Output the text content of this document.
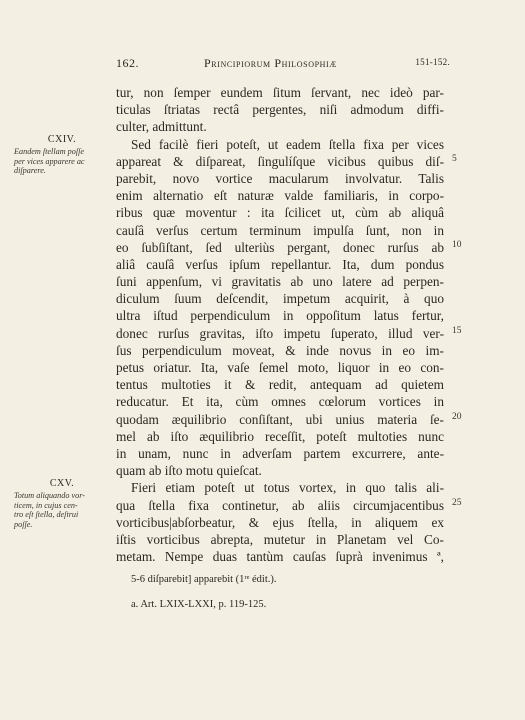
162.	Principiorum Philosophiæ	151-152.
CXIV.
Eandem ſtellam poſſe
per vices apparere ac
diſparere.
CXV.
Totum aliquando vor-
ticem, in cujus cen-
tro eſt ſtella, deſtrui
poſſe.
tur, non ſemper eundem ſitum ſervant, nec ideò par-
ticulas ſtriatas rectâ pergentes, niſi admodum diffi-
culter, admittunt.
Sed facilè fieri poteſt, ut eadem ſtella fixa per vices
appareat & diſpareat, ſingulíſque vicibus quibus diſ-
parebit, novo vortice macularum involvatur. Talis
enim alternatio eſt naturæ valde familiaris, in corpo-
ribus quæ moventur : ita ſcilicet ut, cùm ab aliquâ
cauſâ verſus certum terminum impulſa ſunt, non in
eo ſubſiſtant, ſed ulteriùs pergant, donec rurſus ab
aliâ cauſâ verſus ipſum repellantur. Ita, dum pondus
ſuni appenſum, vi gravitatis ab uno latere ad perpen-
diculum ſuum deſcendit, impetum acquirit, à quo
ultra iſtud perpendiculum in oppoſitum latus fertur,
donec rurſus gravitas, iſto impetu ſuperato, illud ver-
ſus perpendiculum moveat, & inde novus in eo im-
petus oriatur. Ita, vaſe ſemel moto, liquor in eo con-
tentus multoties it & redit, antequam ad quietem
reducatur. Et ita, cùm omnes cœlorum vortices in
quodam æquilibrio conſiſtant, ubi unius materia ſe-
mel ab iſto æquilibrio receſſit, poteſt multoties nunc
in unam, nunc in adverſam partem excurrere, ante-
quam ab iſto motu quieſcat.
Fieri etiam poteſt ut totus vortex, in quo talis ali-
qua ſtella fixa continetur, ab aliis circumjacentibus
vorticibus|abſorbeatur, & ejus ſtella, in aliquem ex
iſtis vorticibus abrepta, mutetur in Planetam vel Co-
metam. Nempe duas tantùm cauſas ſuprà invenimus ª,
5
10
15
20
25
5-6 diſparebit] apparebit (1ʳᵉ édit.).
a. Art. LXIX-LXXI, p. 119-125.
